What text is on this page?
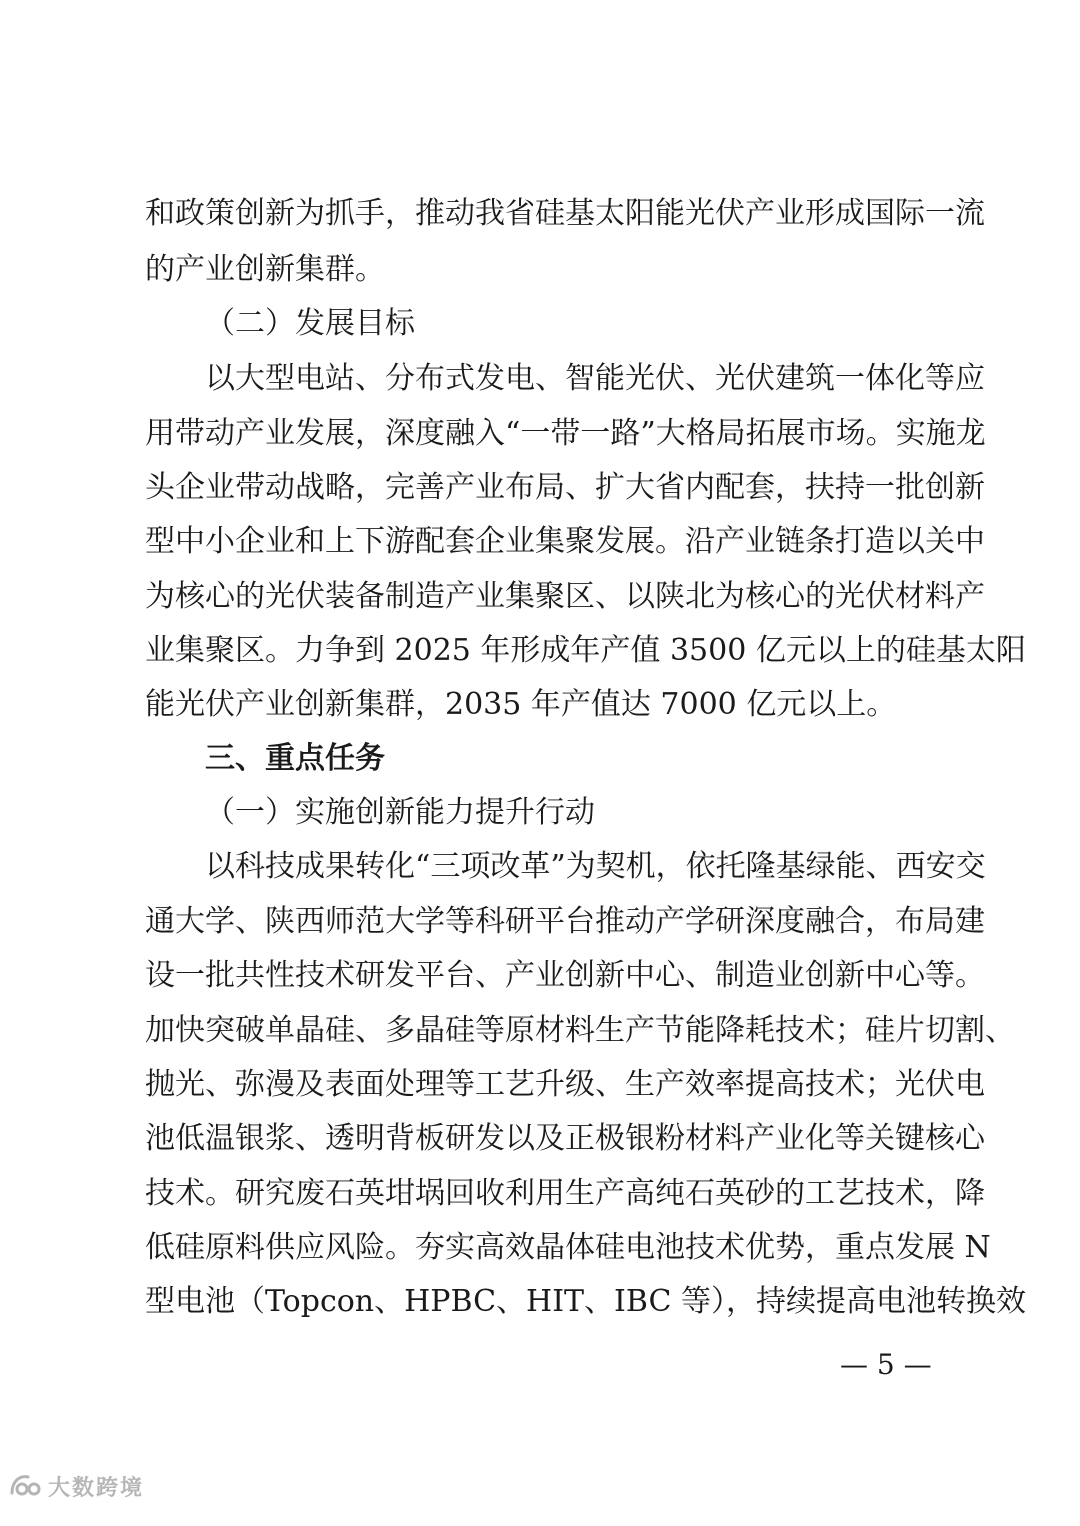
和政策创新为抓手，推动我省硅基太阳能光伏产业形成国际一流
的产业创新集群。
（二）发展目标
以大型电站、分布式发电、智能光伏、光伏建筑一体化等应
用带动产业发展，深度融入“一带一路”大格局拓展市场。实施龙
头企业带动战略，完善产业布局、扩大省内配套，扶持一批创新
型中小企业和上下游配套企业集聚发展。沿产业链条打造以关中
为核心的光伏装备制造产业集聚区、以陕北为核心的光伏材料产
业集聚区。力争到 2025 年形成年产值 3500 亿元以上的硅基太阳
能光伏产业创新集群，2035 年产值达 7000 亿元以上。
三、重点任务
（一）实施创新能力提升行动
以科技成果转化“三项改革”为契机，依托隆基绿能、西安交
通大学、陕西师范大学等科研平台推动产学研深度融合，布局建
设一批共性技术研发平台、产业创新中心、制造业创新中心等。
加快突破单晶硅、多晶硅等原材料生产节能降耗技术；硅片切割、
抛光、弥漫及表面处理等工艺升级、生产效率提高技术；光伏电
池低温银浆、透明背板研发以及正极银粉材料产业化等关键核心
技术。研究废石英坩埚回收利用生产高纯石英砂的工艺技术，降
低硅原料供应风险。夯实高效晶体硅电池技术优势，重点发展 N
型电池（Topcon、HPBC、HIT、IBC 等），持续提高电池转换效
— 5 —
大数跨境
